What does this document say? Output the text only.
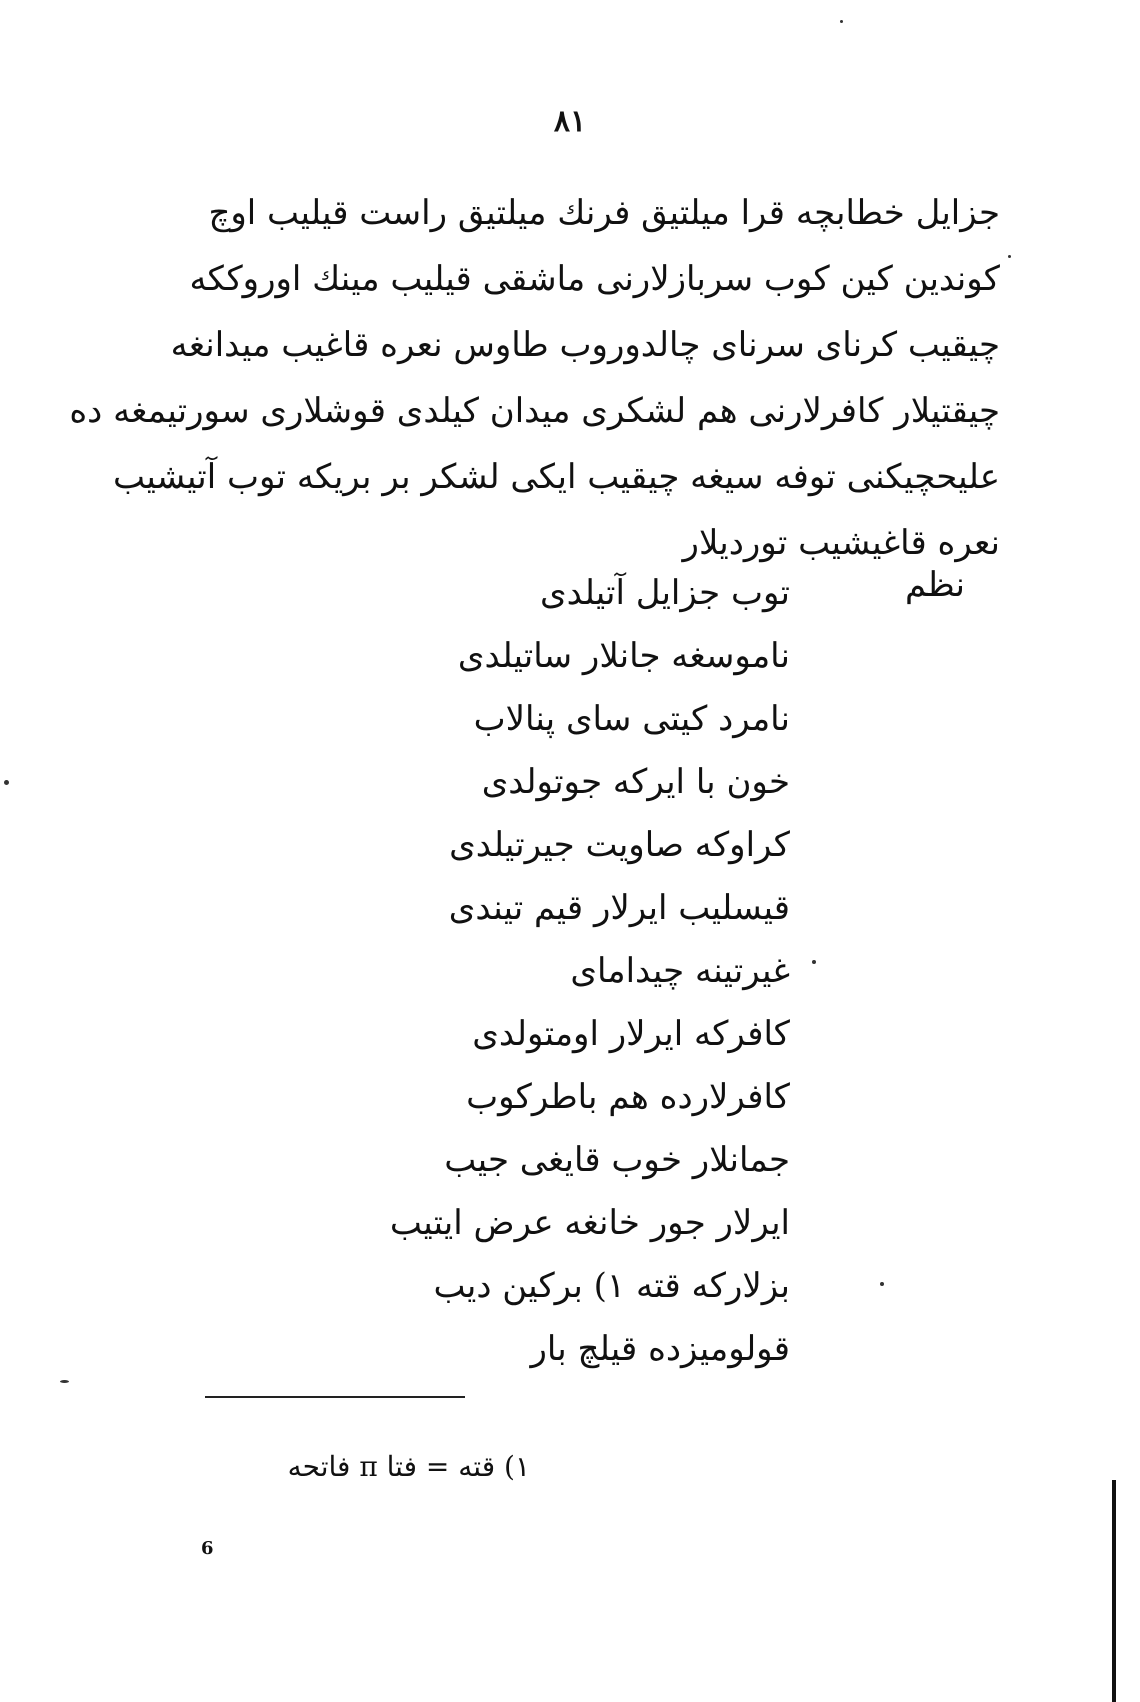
۸۱
جزایل خطابچه قرا میلتیق فرنك میلتیق راست قیلیب اوچ
کوندین کین کوب سربازلارنی ماشقی قیلیب مینك اوروککه
چیقیب کرنای سرنای چالدوروب طاوس نعره قاغیب میدانغه
چیقتیلار کافرلارنی هم لشکری میدان کیلدی قوشلاری سورتیمغه ده
علیحچیکنی توفه سیغه چیقیب ایکی لشکر بر بریکه توب آتیشیب
نعره قاغیشیب توردیلار
نظم
توب جزایل آتیلدی
ناموسغه جانلار ساتیلدی
نامرد کیتی سای پنالاب
خون با ایرکه جوتولدی
کراوکه صاویت جیرتیلدی
قیسلیب ایرلار قیم تیندی
غیرتینه چیدامای
کافرکه ایرلار اومتولدی
کافرلارده هم باطرکوب
جمانلار خوب قایغی جیب
ایرلار جور خانغه عرض ایتیب
بزلارکه قته ۱) برکین دیب
قولومیزده قیلچ بار
۱) قته = فتا π فاتحه
6
